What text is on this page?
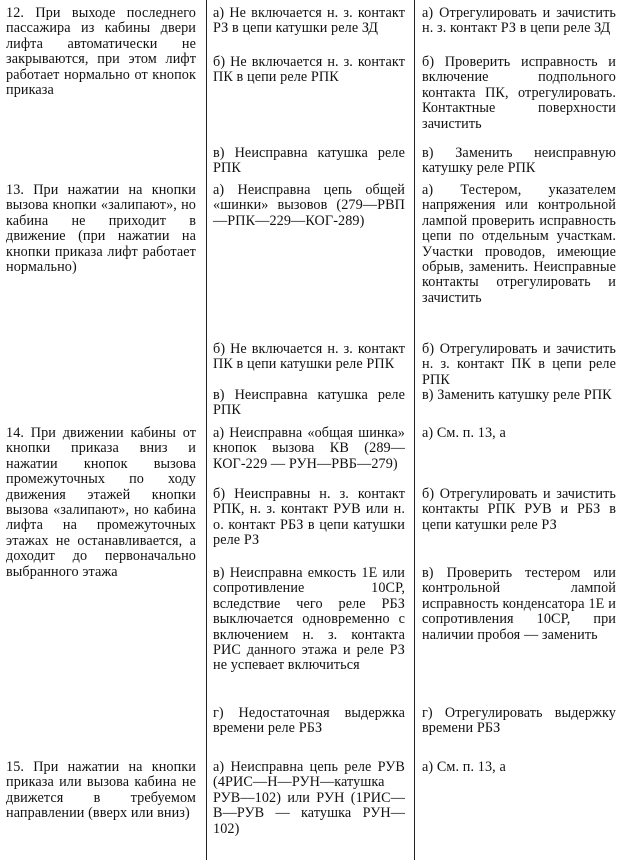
12. При выходе последнего пассажира из кабины двери лифта автоматически не закрываются, при этом лифт работает нормально от кнопок приказа
а) Не включается н. з. контакт РЗ в цепи катушки реле ЗД
б) Не включается н. з. контакт ПК в цепи реле РПК
в) Неисправна катушка реле РПК
а) Отрегулировать и зачистить н. з. контакт РЗ в цепи реле ЗД
б) Проверить исправность и включение подпольного контакта ПК, отрегулировать. Контактные поверхности зачистить
в) Заменить неисправную катушку реле РПК
13. При нажатии на кнопки вызова кнопки «залипают», но кабина не приходит в движение (при нажатии на кнопки приказа лифт работает нормально)
а) Неисправна цепь общей «шинки» вызовов (279—РВП—РПК—229—КОГ-289)
б) Не включается н. з. контакт ПК в цепи катушки реле РПК
в) Неисправна катушка реле РПК
а) Тестером, указателем напряжения или контрольной лампой проверить исправность цепи по отдельным участкам. Участки проводов, имеющие обрыв, заменить. Неисправные контакты отрегулировать и зачистить
б) Отрегулировать и зачистить н. з. контакт ПК в цепи реле РПК
в) Заменить катушку реле РПК
14. При движении кабины от кнопки приказа вниз и нажатии кнопок вызова промежуточных по ходу движения этажей кнопки вызова «залипают», но кабина лифта на промежуточных этажах не останавливается, а доходит до первоначально выбранного этажа
а) Неисправна «общая шинка» кнопок вызова КВ (289—КОГ-229 — РУН—РВБ—279)
б) Неисправны н. з. контакт РПК, н. з. контакт РУВ или н. о. контакт РБЗ в цепи катушки реле РЗ
в) Неисправна емкость 1Е или сопротивление 10СР, вследствие чего реле РБЗ выключается одновременно с включением н. з. контакта РИС данного этажа и реле РЗ не успевает включиться
г) Недостаточная выдержка времени реле РБЗ
а) См. п. 13, а
б) Отрегулировать и зачистить контакты РПК РУВ и РБЗ в цепи катушки реле РЗ
в) Проверить тестером или контрольной лампой исправность конденсатора 1Е и сопротивления 10СР, при наличии пробоя — заменить
г) Отрегулировать выдержку времени РБЗ
15. При нажатии на кнопки приказа или вызова кабина не движется в требуемом направлении (вверх или вниз)
а) Неисправна цепь реле РУВ (4РИС—Н—РУН—катушка РУВ—102) или РУН (1РИС—В—РУВ — катушка РУН—102)
а) См. п. 13, а
